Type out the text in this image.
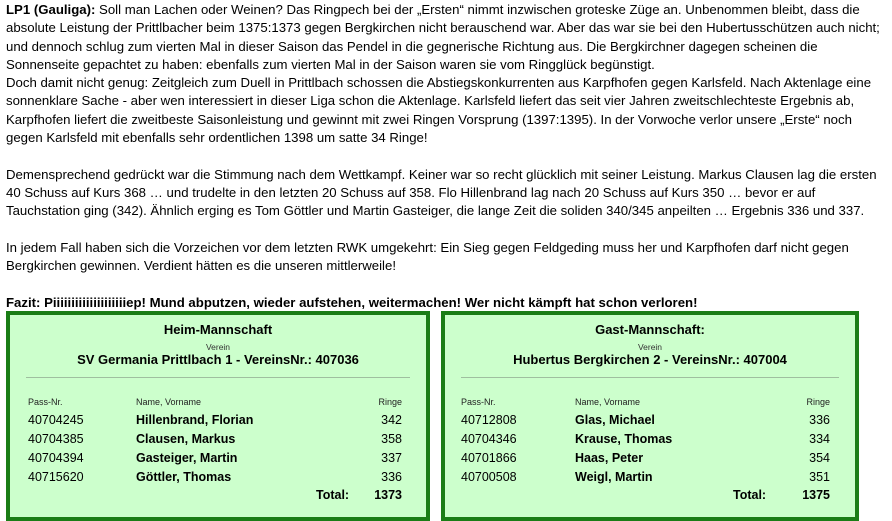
LP1 (Gauliga): Soll man Lachen oder Weinen? Das Ringpech bei der „Ersten“ nimmt inzwischen groteske Züge an. Unbenommen bleibt, dass die absolute Leistung der Prittlbacher beim 1375:1373 gegen Bergkirchen nicht berauschend war. Aber das war sie bei den Hubertusschützen auch nicht; und dennoch schlug zum vierten Mal in dieser Saison das Pendel in die gegnerische Richtung aus. Die Bergkirchner dagegen scheinen die Sonnenseite gepachtet zu haben: ebenfalls zum vierten Mal in der Saison waren sie vom Ringglück begünstigt.

Doch damit nicht genug: Zeitgleich zum Duell in Prittlbach schossen die Abstiegskonkurrenten aus Karpfhofen gegen Karlsfeld. Nach Aktenlage eine sonnenklare Sache - aber wen interessiert in dieser Liga schon die Aktenlage. Karlsfeld liefert das seit vier Jahren zweitschlechteste Ergebnis ab, Karpfhofen liefert die zweitbeste Saisonleistung und gewinnt mit zwei Ringen Vorsprung (1397:1395). In der Vorwoche verlor unsere „Erste“ noch gegen Karlsfeld mit ebenfalls sehr ordentlichen 1398 um satte 34 Ringe!

Demensprechend gedrückt war die Stimmung nach dem Wettkampf. Keiner war so recht glücklich mit seiner Leistung. Markus Clausen lag die ersten 40 Schuss auf Kurs 368 … und trudelte in den letzten 20 Schuss auf 358. Flo Hillenbrand lag nach 20 Schuss auf Kurs 350 … bevor er auf Tauchstation ging (342). Ähnlich erging es Tom Göttler und Martin Gasteiger, die lange Zeit die soliden 340/345 anpeilten … Ergebnis 336 und 337.

In jedem Fall haben sich die Vorzeichen vor dem letzten RWK umgekehrt: Ein Sieg gegen Feldgeding muss her und Karpfhofen darf nicht gegen Bergkirchen gewinnen. Verdient hätten es die unseren mittlerweile!

Fazit: Piiiiiiiiiiiiiiiiiiiiep! Mund abputzen, wieder aufstehen, weitermachen! Wer nicht kämpft hat schon verloren!

Heim-Mannschaft
Verein
SV Germania Prittlbach 1 - VereinsNr.: 407036
Pass-Nr.	Name, Vorname	Ringe
40704245	Hillenbrand, Florian	342
40704385	Clausen, Markus	358
40704394	Gasteiger, Martin	337
40715620	Göttler, Thomas	336
Total: 1373
Gast-Mannschaft:
Verein
Hubertus Bergkirchen 2 - VereinsNr.: 407004
Pass-Nr.	Name, Vorname	Ringe
40712808	Glas, Michael	336
40704346	Krause, Thomas	334
40701866	Haas, Peter	354
40700508	Weigl, Martin	351
Total:	1375
